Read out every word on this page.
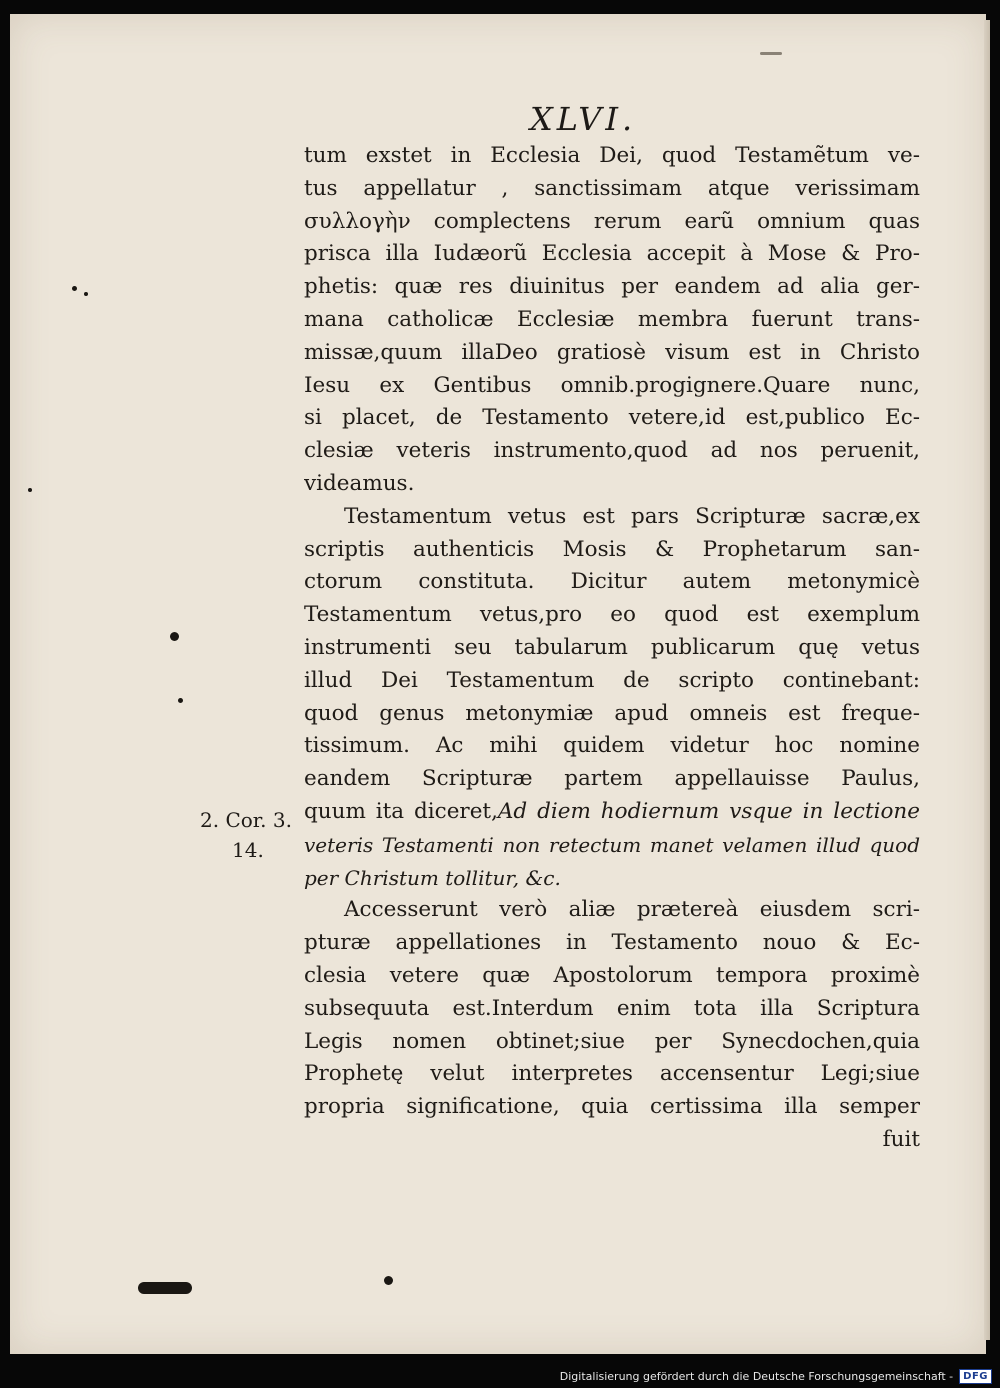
XLVI.
tum exstet in Ecclesia Dei, quod Testamẽtum ve-
tus appellatur , sanctissimam atque verissimam
συλλογὴν complectens rerum earũ omnium quas
prisca illa Iudæorũ Ecclesia accepit à Mose & Pro-
phetis: quæ res diuinitus per eandem ad alia ger-
mana catholicæ Ecclesiæ membra fuerunt trans-
missæ,quum illaDeo gratiosè visum est in Christo
Iesu ex Gentibus omnib.progignere.Quare nunc,
si placet, de Testamento vetere,id est,publico Ec-
clesiæ veteris instrumento,quod ad nos peruenit,
videamus.
Testamentum vetus est pars Scripturæ sacræ,ex
scriptis authenticis Mosis & Prophetarum san-
ctorum constituta. Dicitur autem metonymicè
Testamentum vetus,pro eo quod est exemplum
instrumenti seu tabularum publicarum quę vetus
illud Dei Testamentum de scripto continebant:
quod genus metonymiæ apud omneis est freque-
tissimum. Ac mihi quidem videtur hoc nomine
eandem Scripturæ partem appellauisse Paulus,
quum ita diceret,Ad diem hodiernum vsque in lectione
veteris Testamenti non retectum manet velamen illud quod
per Christum tollitur, &c.
Accesserunt verò aliæ prætereà eiusdem scri-
pturæ appellationes in Testamento nouo & Ec-
clesia vetere quæ Apostolorum tempora proximè
subsequuta est.Interdum enim tota illa Scriptura
Legis nomen obtinet;siue per Synecdochen,quia
Prophetę velut interpretes accensentur Legi;siue
propria significatione, quia certissima illa semper
fuit
2. Cor. 3.
14.
Digitalisierung gefördert durch die Deutsche Forschungsgemeinschaft -	DFG
